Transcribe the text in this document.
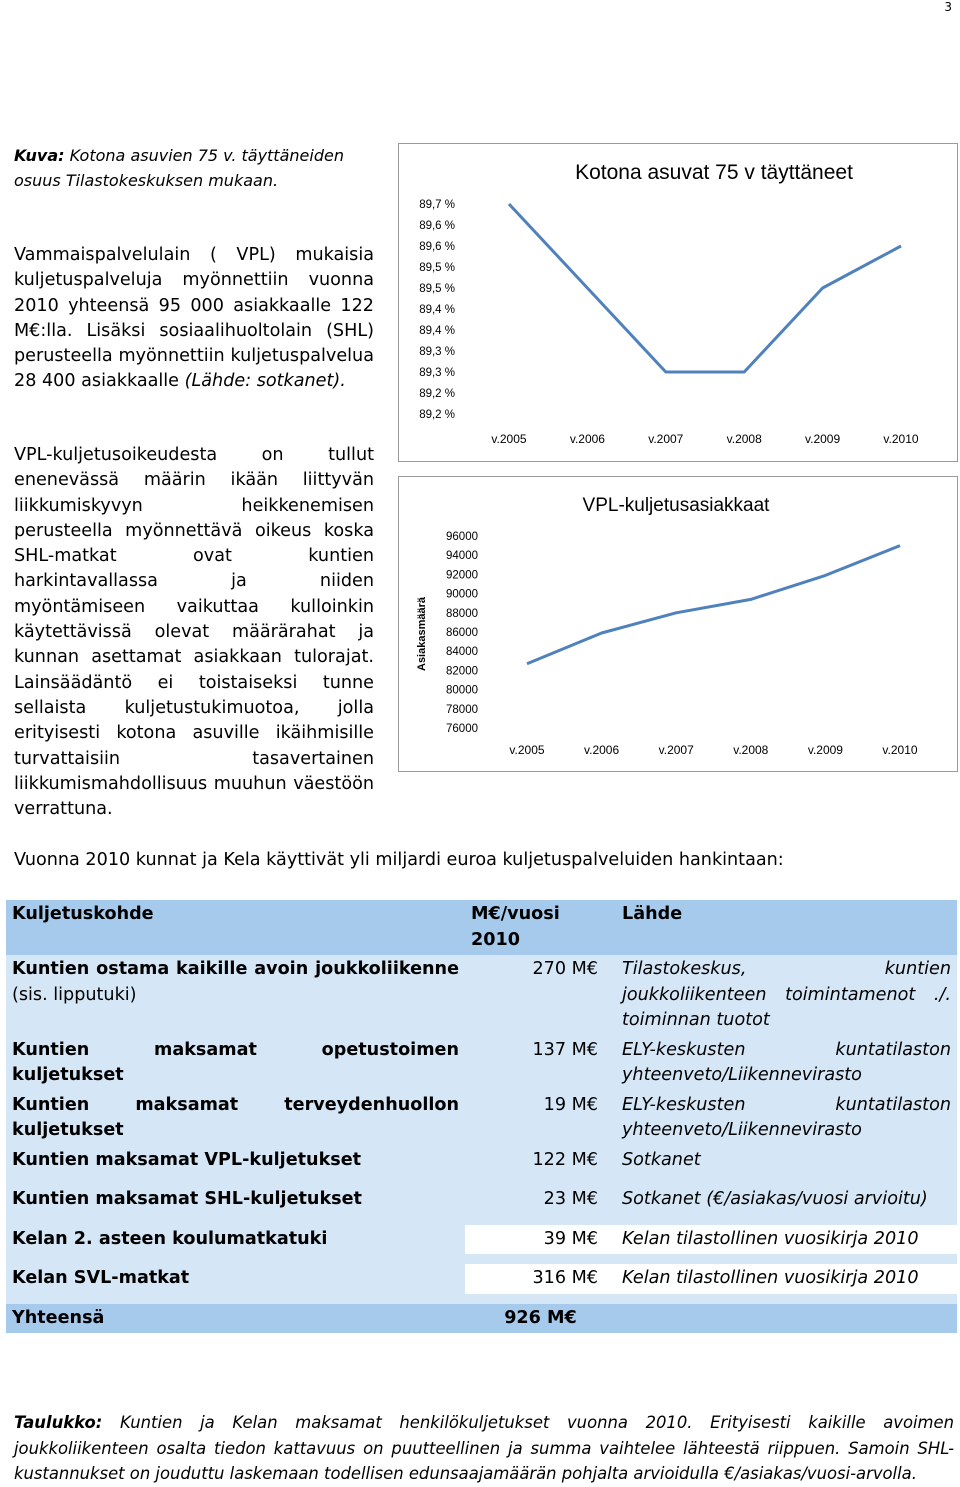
3
Kuva: Kotona asuvien 75 v. täyttäneiden osuus Tilastokeskuksen mukaan.
Vammaispalvelulain ( VPL) mukaisia kuljetuspalveluja myönnettiin vuonna 2010 yhteensä 95 000 asiakkaalle 122 M€:lla. Lisäksi sosiaalihuoltolain (SHL) perusteella myönnettiin kuljetuspalvelua 28 400 asiakkaalle (Lähde: sotkanet).
VPL-kuljetusoikeudesta on tullut enenevässä määrin ikään liittyvän liikkumiskyvyn heikkenemisen perusteella myönnettävä oikeus koska SHL-matkat ovat kuntien harkintavallassa ja niiden myöntämiseen vaikuttaa kulloinkin käytettävissä olevat määrärahat ja kunnan asettamat asiakkaan tulorajat. Lainsäädäntö ei toistaiseksi tunne sellaista kuljetustukimuotoa, jolla erityisesti kotona asuville ikäihmisille turvattaisiin tasavertainen liikkumismahdollisuus muuhun väestöön verrattuna.
Kotona asuvat 75 v täyttäneet
89,7 %
89,6 %
89,6 %
89,5 %
89,5 %
89,4 %
89,4 %
89,3 %
89,3 %
89,2 %
89,2 %
v.2005	v.2006	v.2007	v.2008	v.2009	v.2010
VPL-kuljetusasiakkaat
Asiakasmäärä
96000
94000
92000
90000
88000
86000
84000
82000
80000
78000
76000
v.2005	v.2006	v.2007	v.2008	v.2009	v.2010
Vuonna 2010 kunnat ja Kela käyttivät yli miljardi euroa kuljetuspalveluiden hankintaan:
Kuljetuskohde	M€/vuosi 2010	Lähde
Kuntien ostama kaikille avoin joukkoliikenne (sis. lipputuki)	270 M€	Tilastokeskus, kuntien joukkoliikenteen toimintamenot ./. toiminnan tuotot
Kuntien maksamat opetustoimen kuljetukset	137 M€	ELY-keskusten kuntatilaston yhteenveto/Liikennevirasto
Kuntien maksamat terveydenhuollon kuljetukset	19 M€	ELY-keskusten kuntatilaston yhteenveto/Liikennevirasto
Kuntien maksamat VPL-kuljetukset	122 M€	Sotkanet

Kuntien maksamat SHL-kuljetukset	23 M€	Sotkanet (€/asiakas/vuosi arvioitu)

Kelan 2. asteen koulumatkatuki	39 M€	Kelan tilastollinen vuosikirja 2010

Kelan SVL-matkat	316 M€	Kelan tilastollinen vuosikirja 2010

Yhteensä	926 M€	
Taulukko: Kuntien ja Kelan maksamat henkilökuljetukset vuonna 2010. Erityisesti kaikille avoimen joukkoliikenteen osalta tiedon kattavuus on puutteellinen ja summa vaihtelee lähteestä riippuen. Samoin SHL-kustannukset on jouduttu laskemaan todellisen edunsaajamäärän pohjalta arvioidulla €/asiakas/vuosi-arvolla.
